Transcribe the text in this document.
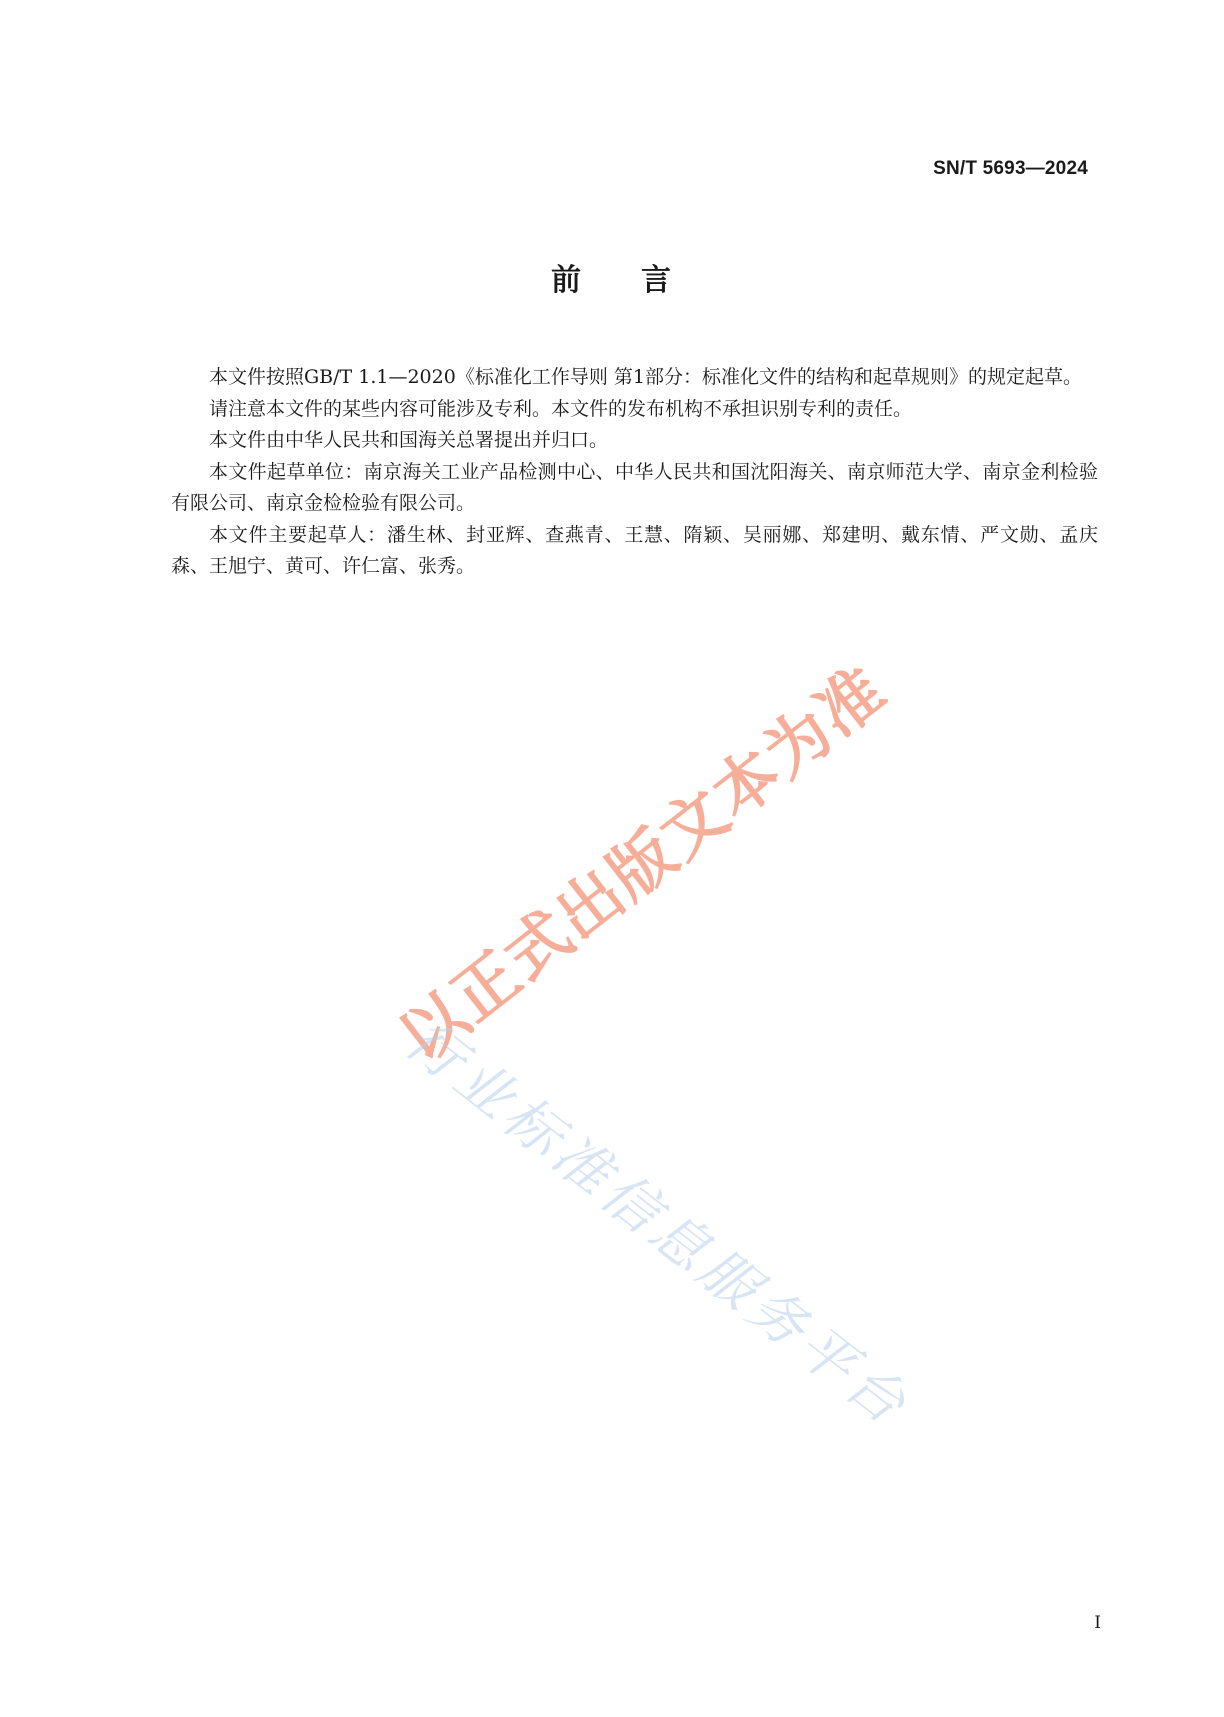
SN/T 5693—2024
前 言

本文件按照GB/T 1.1—2020《标准化工作导则 第1部分：标准化文件的结构和起草规则》的规定起草。

请注意本文件的某些内容可能涉及专利。本文件的发布机构不承担识别专利的责任。

本文件由中华人民共和国海关总署提出并归口。

本文件起草单位：南京海关工业产品检测中心、中华人民共和国沈阳海关、南京师范大学、南京金利检验有限公司、南京金检检验有限公司。

本文件主要起草人：潘生林、封亚辉、查燕青、王慧、隋颖、吴丽娜、郑建明、戴东情、严文勋、孟庆森、王旭宁、黄可、许仁富、张秀。

以正式出版文本为准
行业标准信息服务平台
I
